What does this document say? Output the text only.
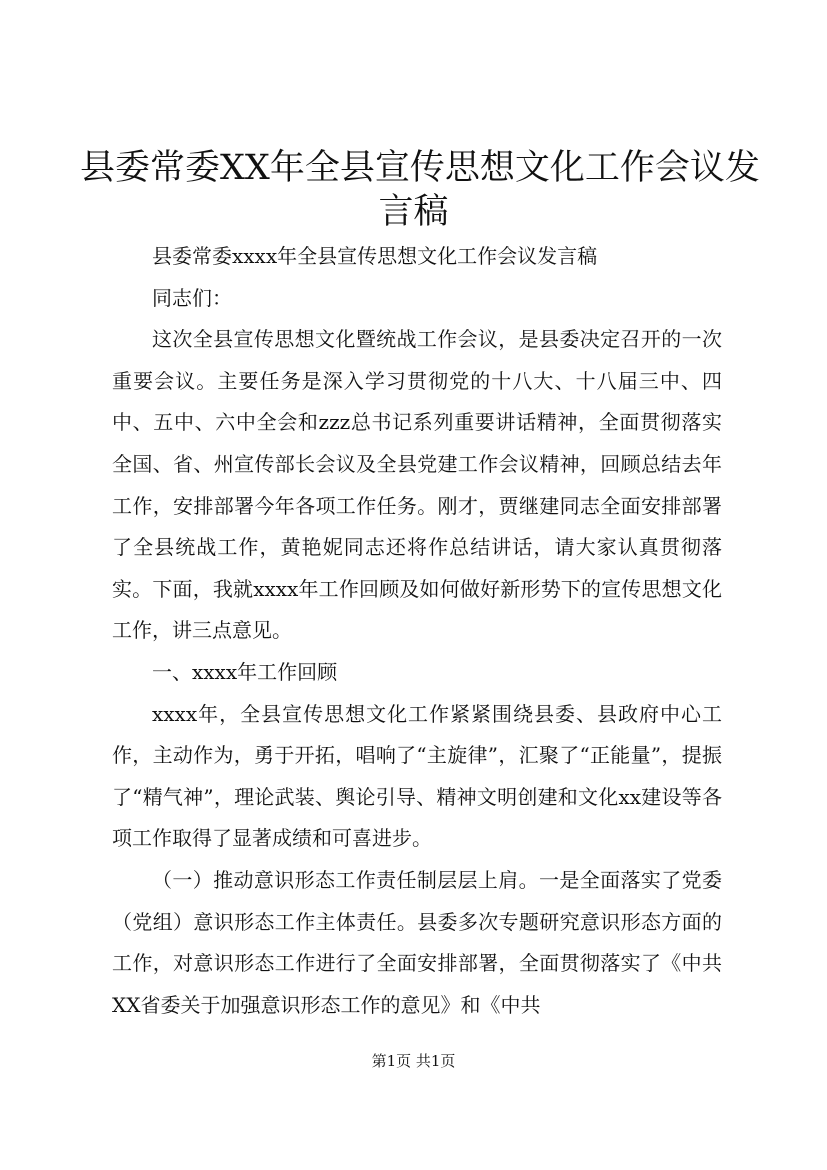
县委常委XX年全县宣传思想文化工作会议发
言稿

县委常委xxxx年全县宣传思想文化工作会议发言稿

同志们：

这次全县宣传思想文化暨统战工作会议，是县委决定召开的一次重要会议。主要任务是深入学习贯彻党的十八大、十八届三中、四中、五中、六中全会和zzz总书记系列重要讲话精神，全面贯彻落实全国、省、州宣传部长会议及全县党建工作会议精神，回顾总结去年工作，安排部署今年各项工作任务。刚才，贾继建同志全面安排部署了全县统战工作，黄艳妮同志还将作总结讲话，请大家认真贯彻落实。下面，我就xxxx年工作回顾及如何做好新形势下的宣传思想文化工作，讲三点意见。

一、xxxx年工作回顾

xxxx年，全县宣传思想文化工作紧紧围绕县委、县政府中心工作，主动作为，勇于开拓，唱响了“主旋律”，汇聚了“正能量”，提振了“精气神”，理论武装、舆论引导、精神文明创建和文化xx建设等各项工作取得了显著成绩和可喜进步。

（一）推动意识形态工作责任制层层上肩。一是全面落实了党委（党组）意识形态工作主体责任。县委多次专题研究意识形态方面的工作，对意识形态工作进行了全面安排部署，全面贯彻落实了《中共XX省委关于加强意识形态工作的意见》和《中共

第1页 共1页
